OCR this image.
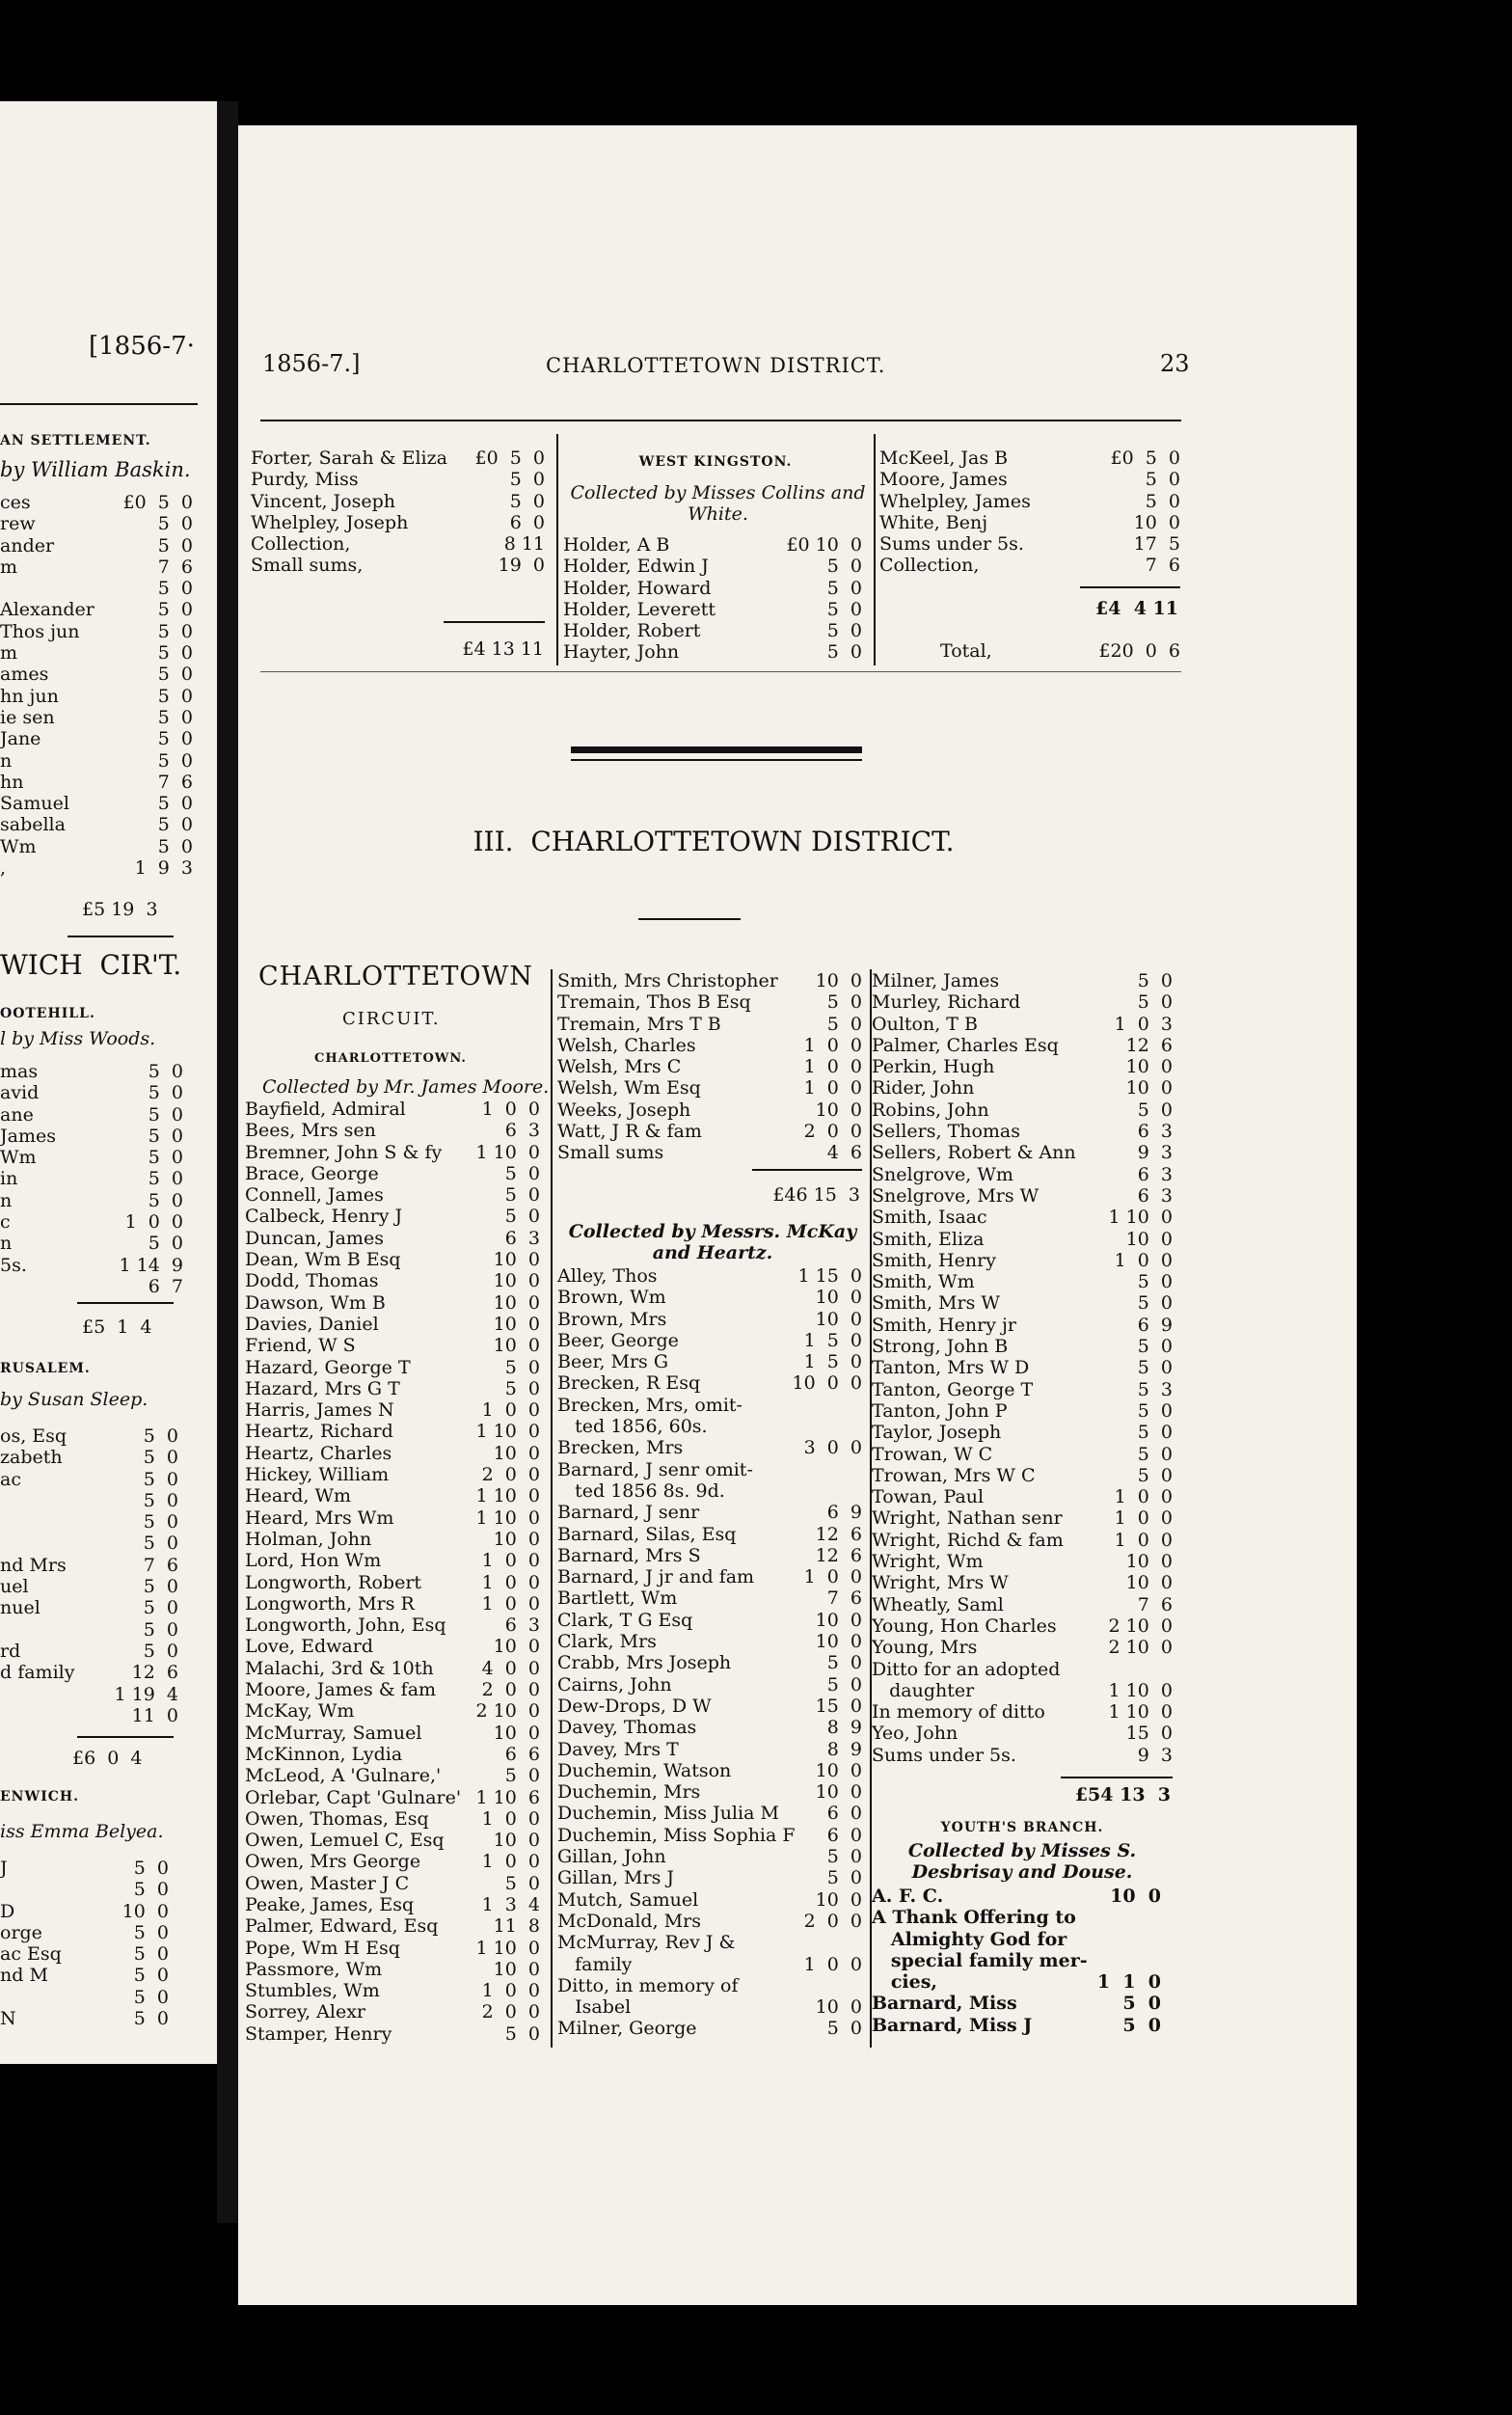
[1856-7·
AN SETTLEMENT.
by William Baskin.
ces	£0  5  0
rew	5  0
ander	5  0
m	7  6
5  0
Alexander	5  0
Thos jun	5  0
m	5  0
ames	5  0
hn jun	5  0
ie sen	5  0
Jane	5  0
n	5  0
hn	7  6
Samuel	5  0
sabella	5  0
Wm	5  0
,	1  9  3
£5 19  3
WICH  CIR'T.
OOTEHILL.
l by Miss Woods.
mas	5  0
avid	5  0
ane	5  0
James	5  0
Wm	5  0
in	5  0
n	5  0
c	1  0  0
n	5  0
5s.	1 14  9
6  7
£5  1  4
RUSALEM.
by Susan Sleep.
os, Esq	5  0
zabeth	5  0
ac	5  0
5  0
5  0
5  0
nd Mrs	7  6
uel	5  0
nuel	5  0
5  0
rd	5  0
d family	12  6
1 19  4
11  0
£6  0  4
ENWICH.
iss Emma Belyea.
J	5  0
5  0
D	10  0
orge	5  0
ac Esq	5  0
nd M	5  0
5  0
N	5  0
1856-7.]	CHARLOTTETOWN DISTRICT.	23
Forter, Sarah & Eliza £0  5  0
Purdy, Miss	5  0
Vincent, Joseph	5  0
Whelpley, Joseph	6  0
Collection,	8 11
Small sums,	19  0
£4 13 11
WEST KINGSTON.
Collected by Misses Collins and White.
Holder, A B	£0 10  0
Holder, Edwin J	5  0
Holder, Howard	5  0
Holder, Leverett	5  0
Holder, Robert	5  0
Hayter, John	5  0
McKeel, Jas B	£0  5  0
Moore, James	5  0
Whelpley, James	5  0
White, Benj	10  0
Sums under 5s.	17  5
Collection,	7  6
£4  4 11
Total,	£20  0  6
III.  CHARLOTTETOWN DISTRICT.
CHARLOTTETOWN
CIRCUIT.
CHARLOTTETOWN.
Collected by Mr. James Moore.
Bayfield, Admiral	1  0  0
Bees, Mrs sen	6  3
Bremner, John S & fy 1 10  0
Brace, George	5  0
Connell, James	5  0
Calbeck, Henry J	5  0
Duncan, James	6  3
Dean, Wm B Esq	10  0
Dodd, Thomas	10  0
Dawson, Wm B	10  0
Davies, Daniel	10  0
Friend, W S	10  0
Hazard, George T	5  0
Hazard, Mrs G T	5  0
Harris, James N	1  0  0
Heartz, Richard	1 10  0
Heartz, Charles	10  0
Hickey, William	2  0  0
Heard, Wm	1 10  0
Heard, Mrs Wm	1 10  0
Holman, John	10  0
Lord, Hon Wm	1  0  0
Longworth, Robert	1  0  0
Longworth, Mrs R	1  0  0
Longworth, John, Esq	6  3
Love, Edward	10  0
Malachi, 3rd & 10th	4  0  0
Moore, James & fam	2  0  0
McKay, Wm	2 10  0
McMurray, Samuel	10  0
McKinnon, Lydia	6  6
McLeod, A 'Gulnare,'	5  0
Orlebar, Capt 'Gulnare' 1 10  6
Owen, Thomas, Esq	1  0  0
Owen, Lemuel C, Esq	10  0
Owen, Mrs George	1  0  0
Owen, Master J C	5  0
Peake, James, Esq	1  3  4
Palmer, Edward, Esq	11  8
Pope, Wm H Esq	1 10  0
Passmore, Wm	10  0
Stumbles, Wm	1  0  0
Sorrey, Alexr	2  0  0
Stamper, Henry	5  0
Smith, Mrs Christopher 10  0
Tremain, Thos B Esq	5  0
Tremain, Mrs T B	5  0
Welsh, Charles	1  0  0
Welsh, Mrs C	1  0  0
Welsh, Wm Esq	1  0  0
Weeks, Joseph	10  0
Watt, J R & fam	2  0  0
Small sums	4  6
£46 15  3
Collected by Messrs. McKay and Heartz.
Alley, Thos	1 15  0
Brown, Wm	10  0
Brown, Mrs	10  0
Beer, George	1  5  0
Beer, Mrs G	1  5  0
Brecken, R Esq	10  0  0
Brecken, Mrs, omit-
ted 1856, 60s.
Brecken, Mrs	3  0  0
Barnard, J senr omit-
ted 1856 8s. 9d.
Barnard, J senr	6  9
Barnard, Silas, Esq	12  6
Barnard, Mrs S	12  6
Barnard, J jr and fam	1  0  0
Bartlett, Wm	7  6
Clark, T G Esq	10  0
Clark, Mrs	10  0
Crabb, Mrs Joseph	5  0
Cairns, John	5  0
Dew-Drops, D W	15  0
Davey, Thomas	8  9
Davey, Mrs T	8  9
Duchemin, Watson	10  0
Duchemin, Mrs	10  0
Duchemin, Miss Julia M	6  0
Duchemin, Miss Sophia F 6  0
Gillan, John	5  0
Gillan, Mrs J	5  0
Mutch, Samuel	10  0
McDonald, Mrs	2  0  0
McMurray, Rev J &
family	1  0  0
Ditto, in memory of
Isabel	10  0
Milner, George	5  0
Milner, James	5  0
Murley, Richard	5  0
Oulton, T B	1  0  3
Palmer, Charles Esq	12  6
Perkin, Hugh	10  0
Rider, John	10  0
Robins, John	5  0
Sellers, Thomas	6  3
Sellers, Robert & Ann	9  3
Snelgrove, Wm	6  3
Snelgrove, Mrs W	6  3
Smith, Isaac	1 10  0
Smith, Eliza	10  0
Smith, Henry	1  0  0
Smith, Wm	5  0
Smith, Mrs W	5  0
Smith, Henry jr	6  9
Strong, John B	5  0
Tanton, Mrs W D	5  0
Tanton, George T	5  3
Tanton, John P	5  0
Taylor, Joseph	5  0
Trowan, W C	5  0
Trowan, Mrs W C	5  0
Towan, Paul	1  0  0
Wright, Nathan senr	1  0  0
Wright, Richd & fam	1  0  0
Wright, Wm	10  0
Wright, Mrs W	10  0
Wheatly, Saml	7  6
Young, Hon Charles	2 10  0
Young, Mrs	2 10  0
Ditto for an adopted
daughter	1 10  0
In memory of ditto	1 10  0
Yeo, John	15  0
Sums under 5s.	9  3
£54 13  3
YOUTH'S BRANCH.
Collected by Misses S. Desbrisay and Douse.
A. F. C.	10  0
A Thank Offering to
Almighty God for
special family mer-
cies,	1  1  0
Barnard, Miss	5  0
Barnard, Miss J	5  0
